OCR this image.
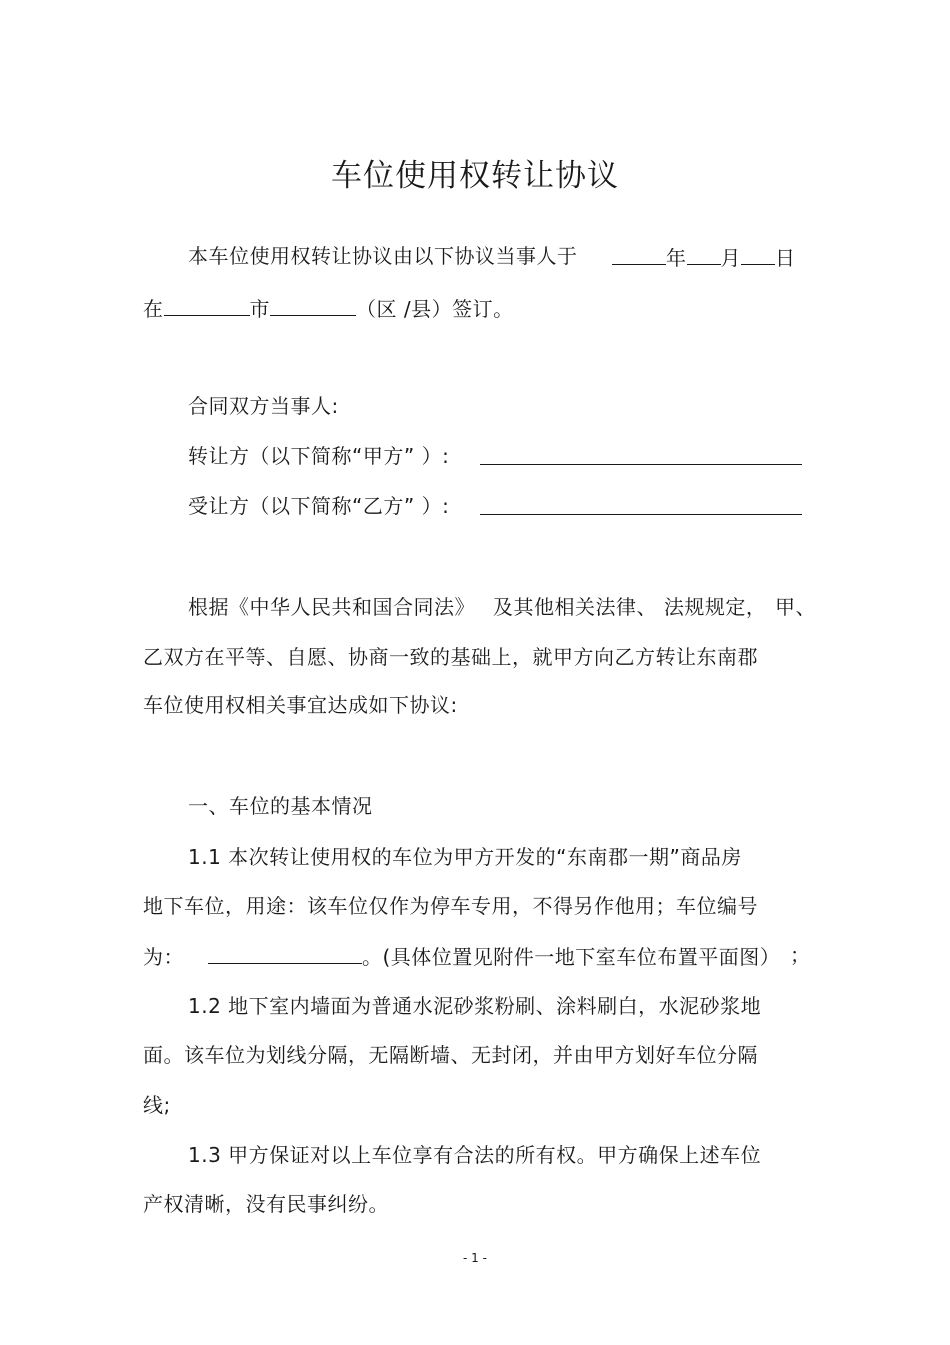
车位使用权转让协议
本车位使用权转让协议由以下协议当事人于	年 月 日
在	市	（区 /县）签订。
合同双方当事人:
转让方（以下简称“甲方” ）:
受让方（以下简称“乙方” ）:
根据《中华人民共和国合同法》 及其他相关法律、 法规规定， 甲、
乙双方在平等、自愿、协商一致的基础上，就甲方向乙方转让东南郡
车位使用权相关事宜达成如下协议:
一、车位的基本情况
1.1 本次转让使用权的车位为甲方开发的“东南郡一期”商品房
地下车位，用途：该车位仅作为停车专用，不得另作他用；车位编号
为：	。(具体位置见附件一地下室车位布置平面图） ；
1.2 地下室内墙面为普通水泥砂浆粉刷、涂料刷白，水泥砂浆地
面。该车位为划线分隔，无隔断墙、无封闭，并由甲方划好车位分隔
线;
1.3 甲方保证对以上车位享有合法的所有权。甲方确保上述车位
产权清晰，没有民事纠纷。
- 1 -
